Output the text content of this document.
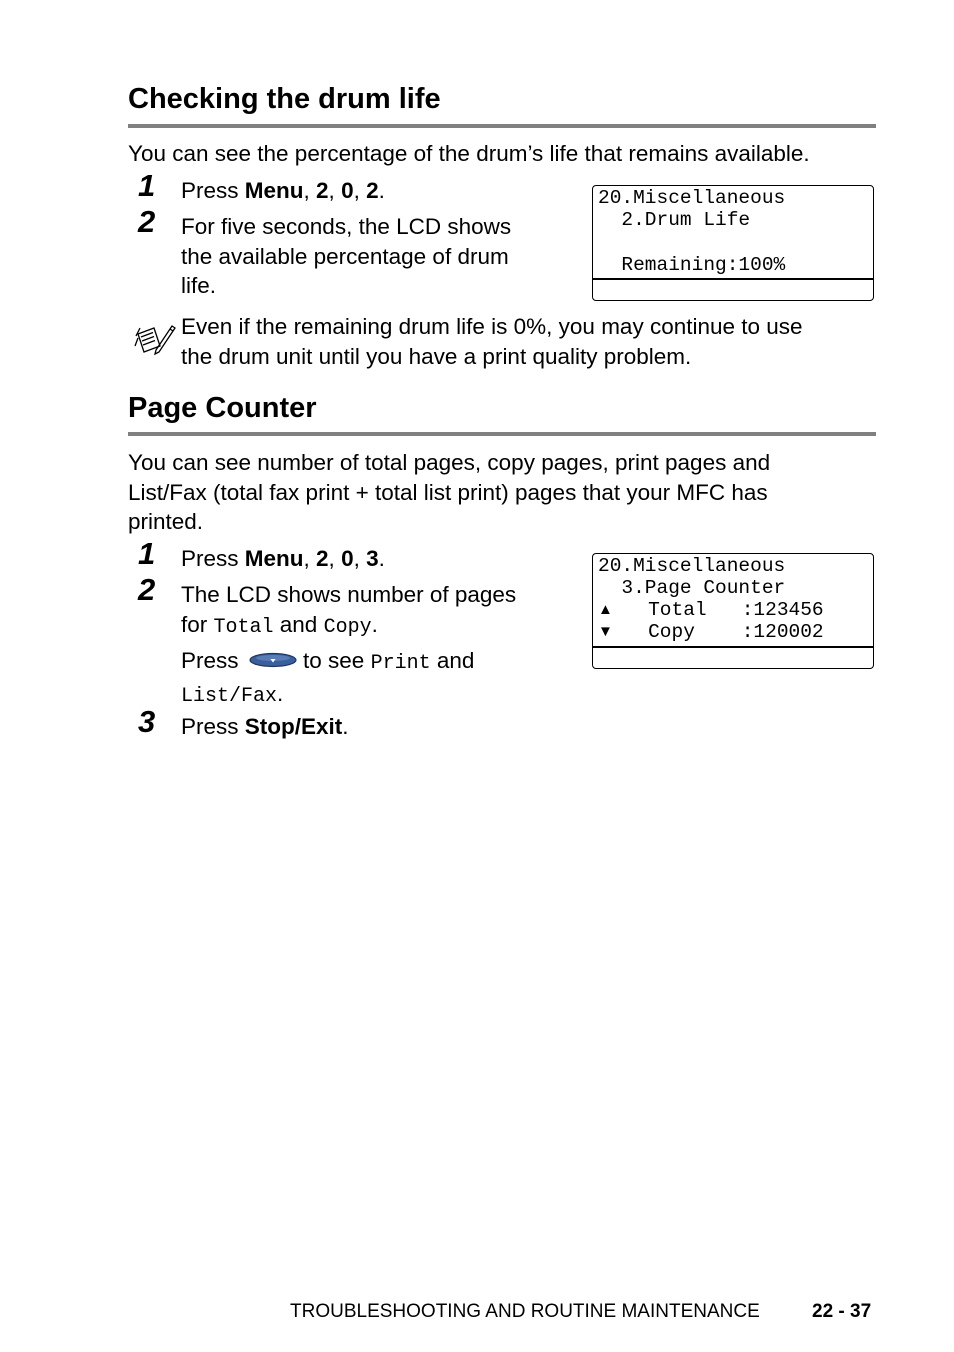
Checking the drum life
You can see the percentage of the drum’s life that remains available.
1 Press Menu, 2, 0, 2.
2 For five seconds, the LCD shows
the available percentage of drum
life.
20.Miscellaneous
2.Drum Life
Remaining:100%
Even if the remaining drum life is 0%, you may continue to use
the drum unit until you have a print quality problem.
Page Counter
You can see number of total pages, copy pages, print pages and
List/Fax (total fax print + total list print) pages that your MFC has
printed.
1 Press Menu, 2, 0, 3.
2 The LCD shows number of pages
for Total and Copy.
Press  to see Print and
List/Fax.
3 Press Stop/Exit.
20.Miscellaneous
3.Page Counter
▲ Total   :123456
▼ Copy    :120002
TROUBLESHOOTING AND ROUTINE MAINTENANCE	22 - 37
